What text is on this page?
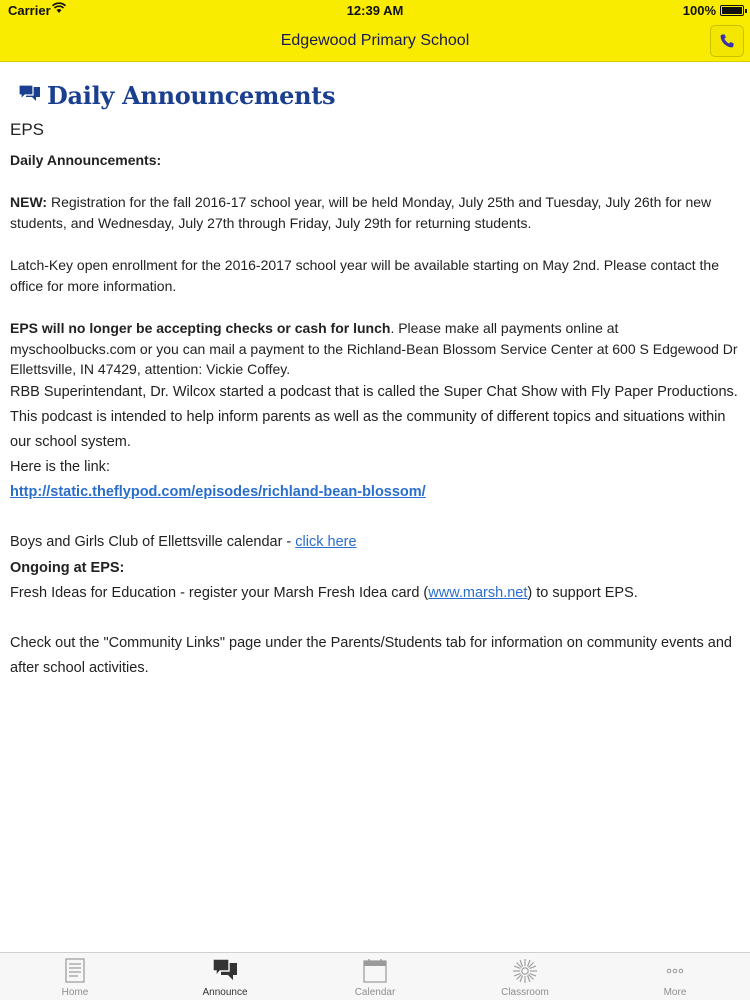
Carrier	12:39 AM	100%
Edgewood Primary School
Daily Announcements
EPS

Daily Announcements:

NEW: Registration for the fall 2016-17 school year, will be held Monday, July 25th and Tuesday, July 26th for new students, and Wednesday, July 27th through Friday, July 29th for returning students.

Latch-Key open enrollment for the 2016-2017 school year will be available starting on May 2nd. Please contact the office for more information.

EPS will no longer be accepting checks or cash for lunch. Please make all payments online at myschoolbucks.com or you can mail a payment to the Richland-Bean Blossom Service Center at 600 S Edgewood Dr Ellettsville, IN 47429, attention: Vickie Coffey.

RBB Superintendant, Dr. Wilcox started a podcast that is called the Super Chat Show with Fly Paper Productions. This podcast is intended to help inform parents as well as the community of different topics and situations within our school system.

Here is the link:

http://static.theflypod.com/episodes/richland-bean-blossom/

Boys and Girls Club of Ellettsville calendar - click here

Ongoing at EPS:

Fresh Ideas for Education - register your Marsh Fresh Idea card (www.marsh.net) to support EPS.

Check out the "Community Links" page under the Parents/Students tab for information on community events and after school activities.

Home	Announce	Calendar	Classroom	More
